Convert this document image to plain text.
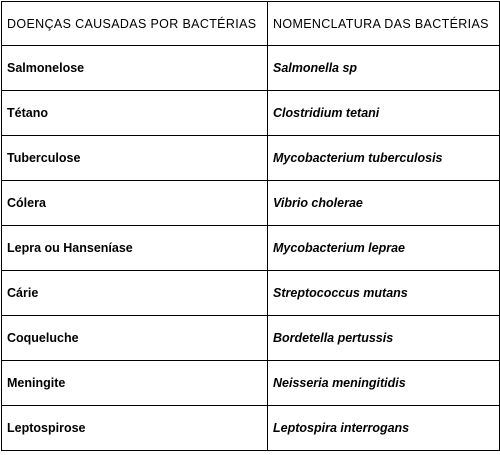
DOENÇAS CAUSADAS POR BACTÉRIAS	NOMENCLATURA DAS BACTÉRIAS
Salmonelose	Salmonella sp
Tétano	Clostridium tetani
Tuberculose	Mycobacterium tuberculosis
Cólera	Vibrio cholerae
Lepra ou Hanseníase	Mycobacterium leprae
Cárie	Streptococcus mutans
Coqueluche	Bordetella pertussis
Meningite	Neisseria meningitidis
Leptospirose	Leptospira interrogans
